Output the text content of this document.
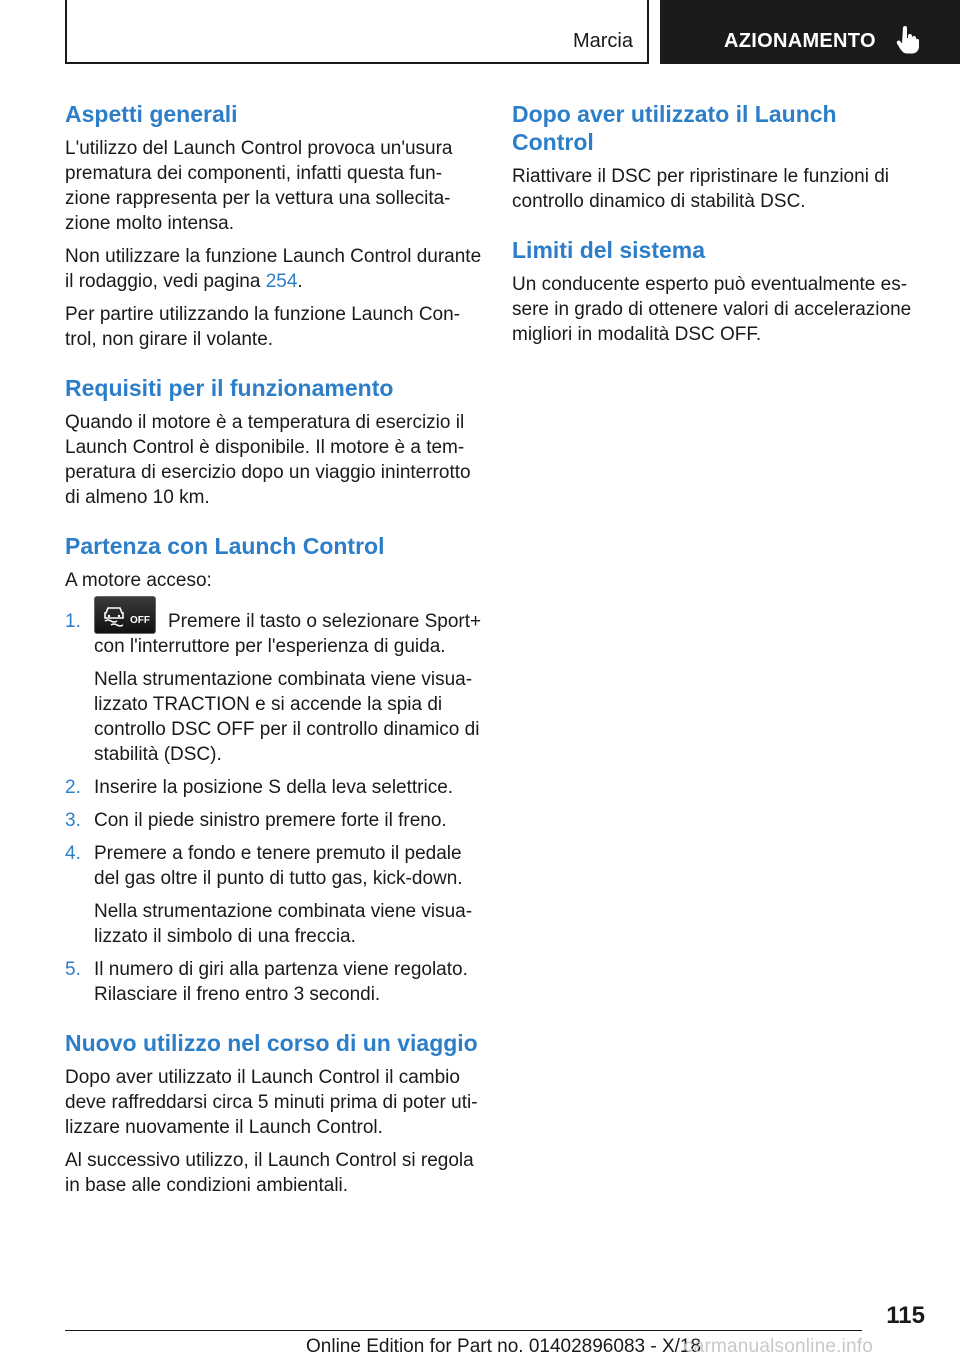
Marcia	AZIONAMENTO
Aspetti generali

L'utilizzo del Launch Control provoca un'usura prematura dei componenti, infatti questa fun-zione rappresenta per la vettura una sollecita-zione molto intensa.

Non utilizzare la funzione Launch Control durante il rodaggio, vedi pagina 254.

Per partire utilizzando la funzione Launch Con-trol, non girare il volante.

Requisiti per il funzionamento

Quando il motore è a temperatura di esercizio il Launch Control è disponibile. Il motore è a tem-peratura di esercizio dopo un viaggio ininterrotto di almeno 10 km.

Partenza con Launch Control

A motore acceso:

1.	OFF Premere il tasto o selezionare Sport+ con l'interruttore per l'esperienza di guida.

Nella strumentazione combinata viene visua-lizzato TRACTION e si accende la spia di controllo DSC OFF per il controllo dinamico di stabilità (DSC).

2. Inserire la posizione S della leva selettrice.

3. Con il piede sinistro premere forte il freno.

4. Premere a fondo e tenere premuto il pedale del gas oltre il punto di tutto gas, kick-down.

Nella strumentazione combinata viene visua-lizzato il simbolo di una freccia.

5. Il numero di giri alla partenza viene regolato. Rilasciare il freno entro 3 secondi.

Nuovo utilizzo nel corso di un viaggio

Dopo aver utilizzato il Launch Control il cambio deve raffreddarsi circa 5 minuti prima di poter uti-lizzare nuovamente il Launch Control.

Al successivo utilizzo, il Launch Control si regola in base alle condizioni ambientali.

Dopo aver utilizzato il Launch Control

Riattivare il DSC per ripristinare le funzioni di controllo dinamico di stabilità DSC.

Limiti del sistema

Un conducente esperto può eventualmente es-sere in grado di ottenere valori di accelerazione migliori in modalità DSC OFF.

115
Online Edition for Part no. 01402896083 - X/18
carmanualsonline.info
